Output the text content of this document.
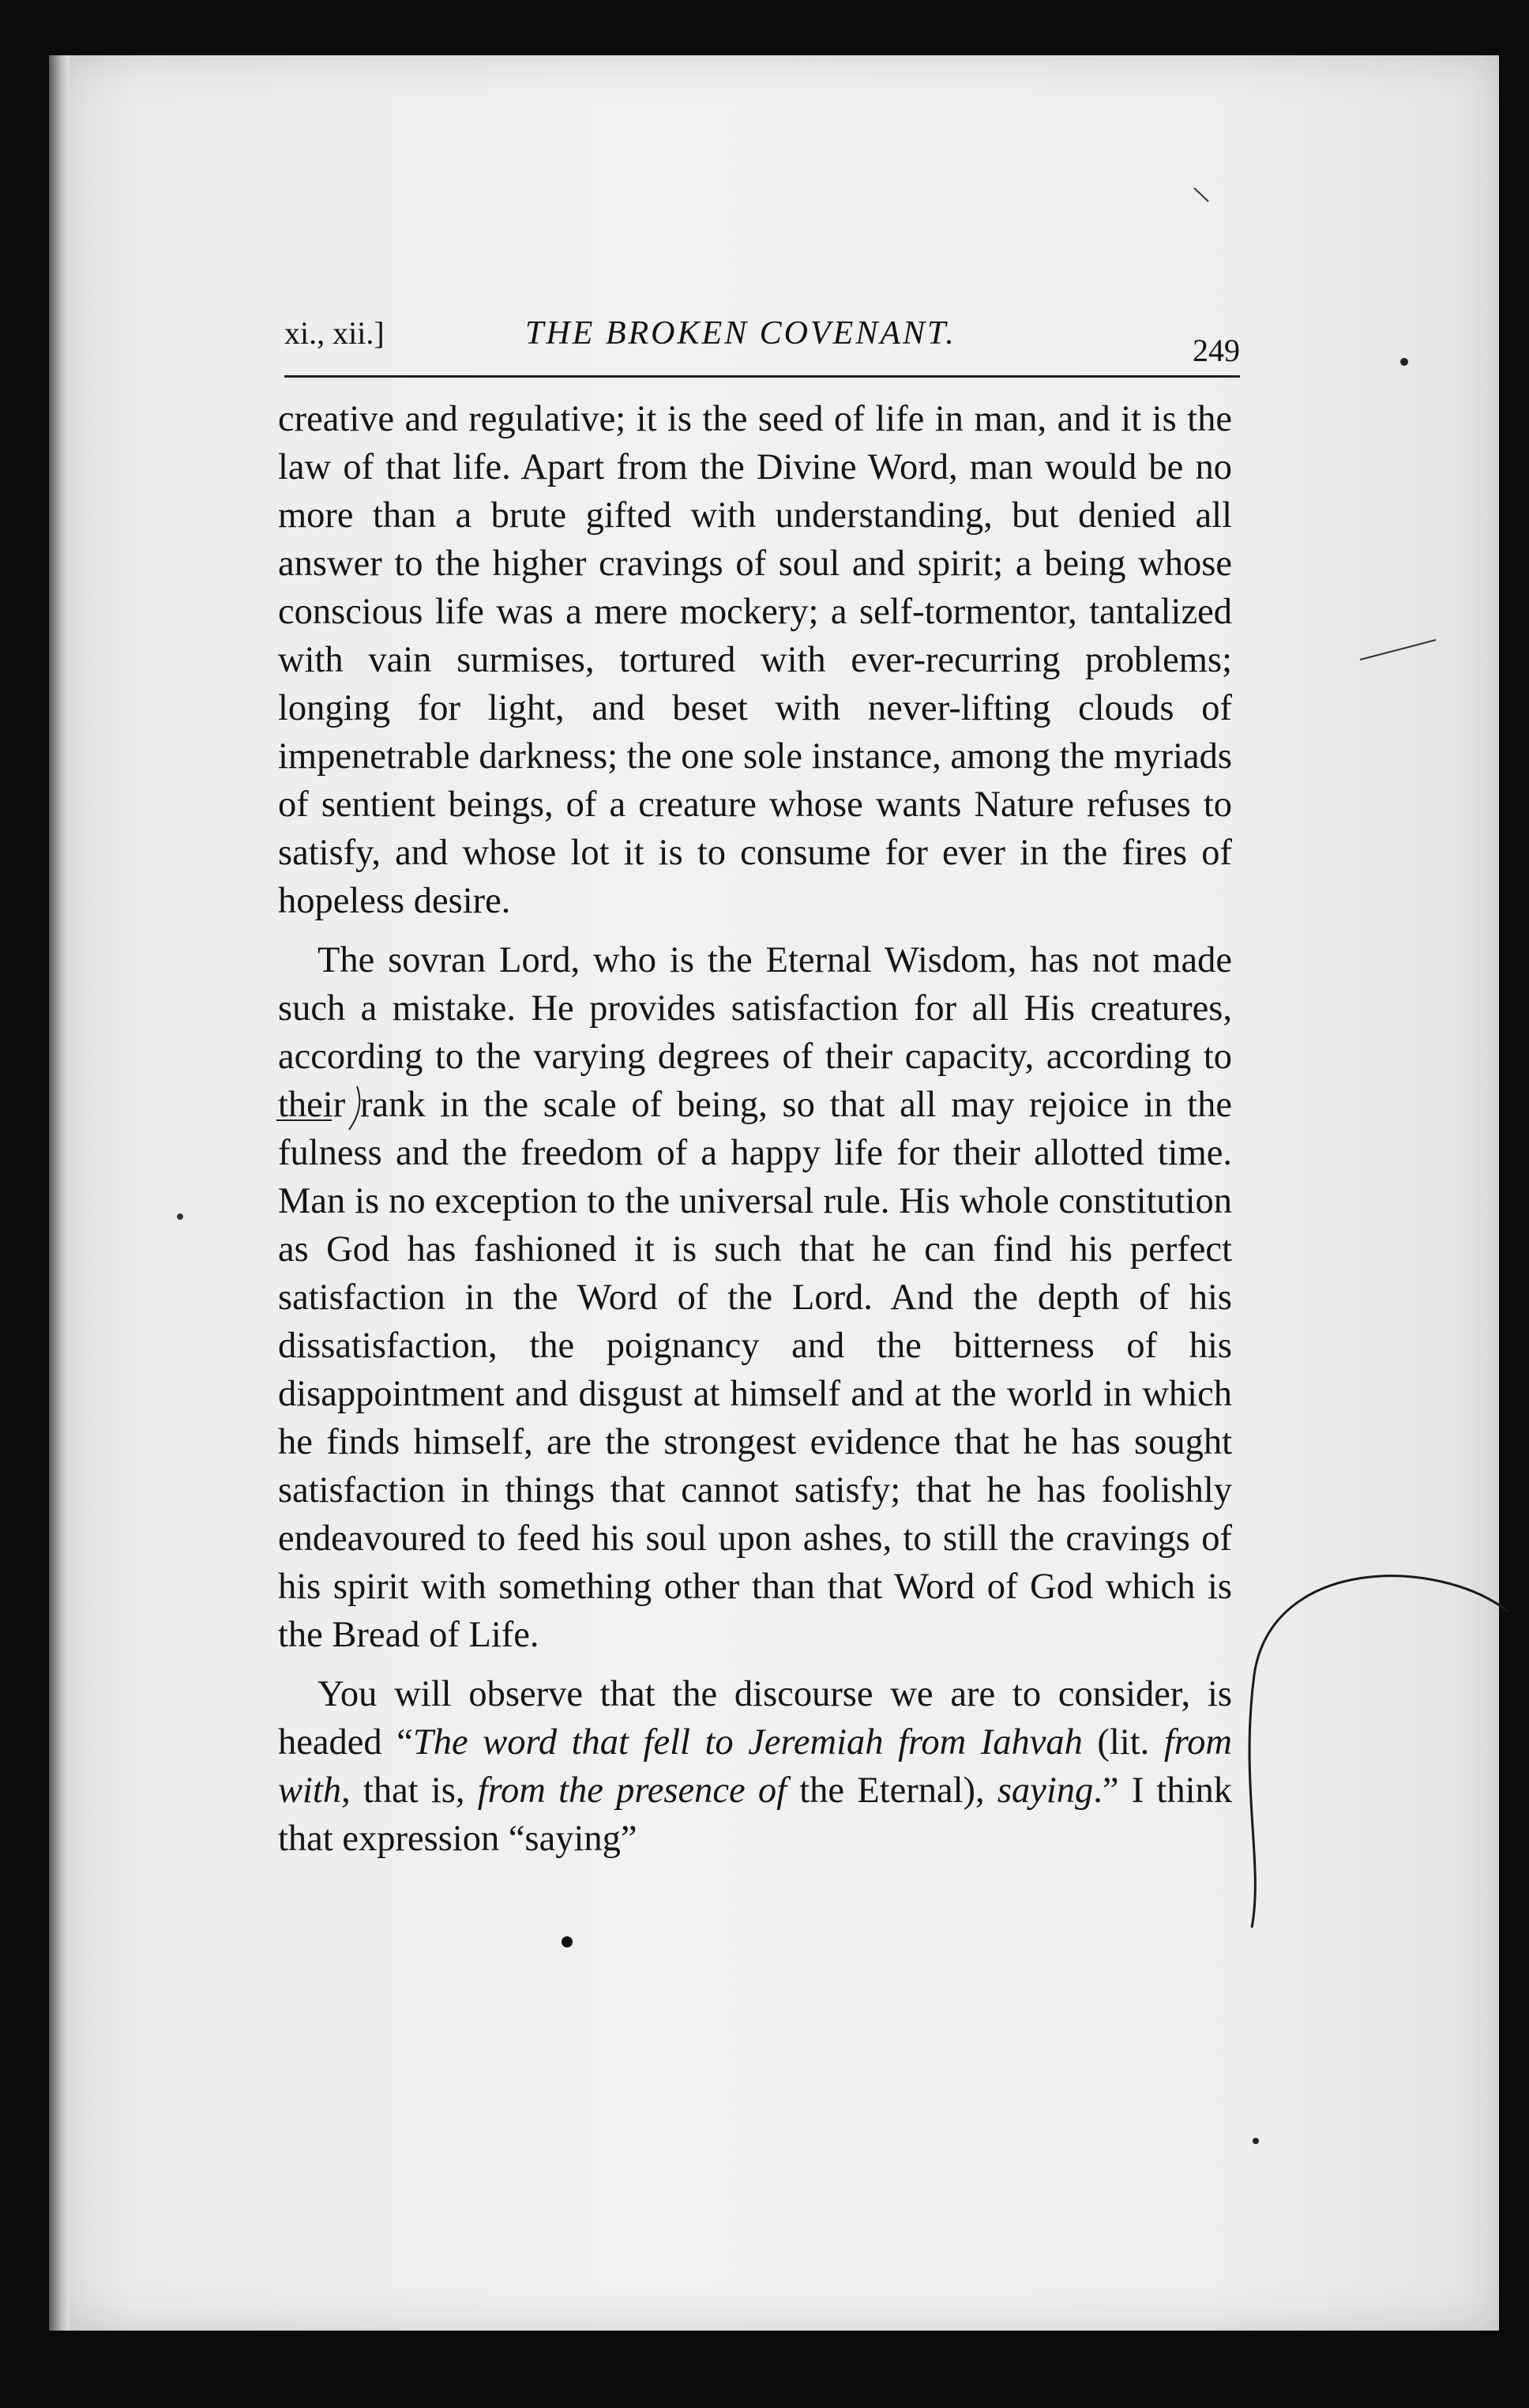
xi., xii.]	THE BROKEN COVENANT.	249

creative and regulative; it is the seed of life in man, and it is the law of that life. Apart from the Divine Word, man would be no more than a brute gifted with understanding, but denied all answer to the higher cravings of soul and spirit; a being whose conscious life was a mere mockery; a self-tormentor, tantalized with vain surmises, tortured with ever-recurring problems; longing for light, and beset with never-lifting clouds of impenetrable darkness; the one sole instance, among the myriads of sentient beings, of a creature whose wants Nature refuses to satisfy, and whose lot it is to consume for ever in the fires of hopeless desire.

The sovran Lord, who is the Eternal Wisdom, has not made such a mistake. He provides satisfaction for all His creatures, according to the varying degrees of their capacity, according to their rank in the scale of being, so that all may rejoice in the fulness and the freedom of a happy life for their allotted time. Man is no exception to the universal rule. His whole constitution as God has fashioned it is such that he can find his perfect satisfaction in the Word of the Lord. And the depth of his dissatisfaction, the poignancy and the bitterness of his disappointment and disgust at himself and at the world in which he finds himself, are the strongest evidence that he has sought satisfaction in things that cannot satisfy; that he has foolishly endeavoured to feed his soul upon ashes, to still the cravings of his spirit with something other than that Word of God which is the Bread of Life.

You will observe that the discourse we are to consider, is headed “The word that fell to Jeremiah from Iahvah (lit. from with, that is, from the presence of the Eternal), saying.” I think that expression “saying”
